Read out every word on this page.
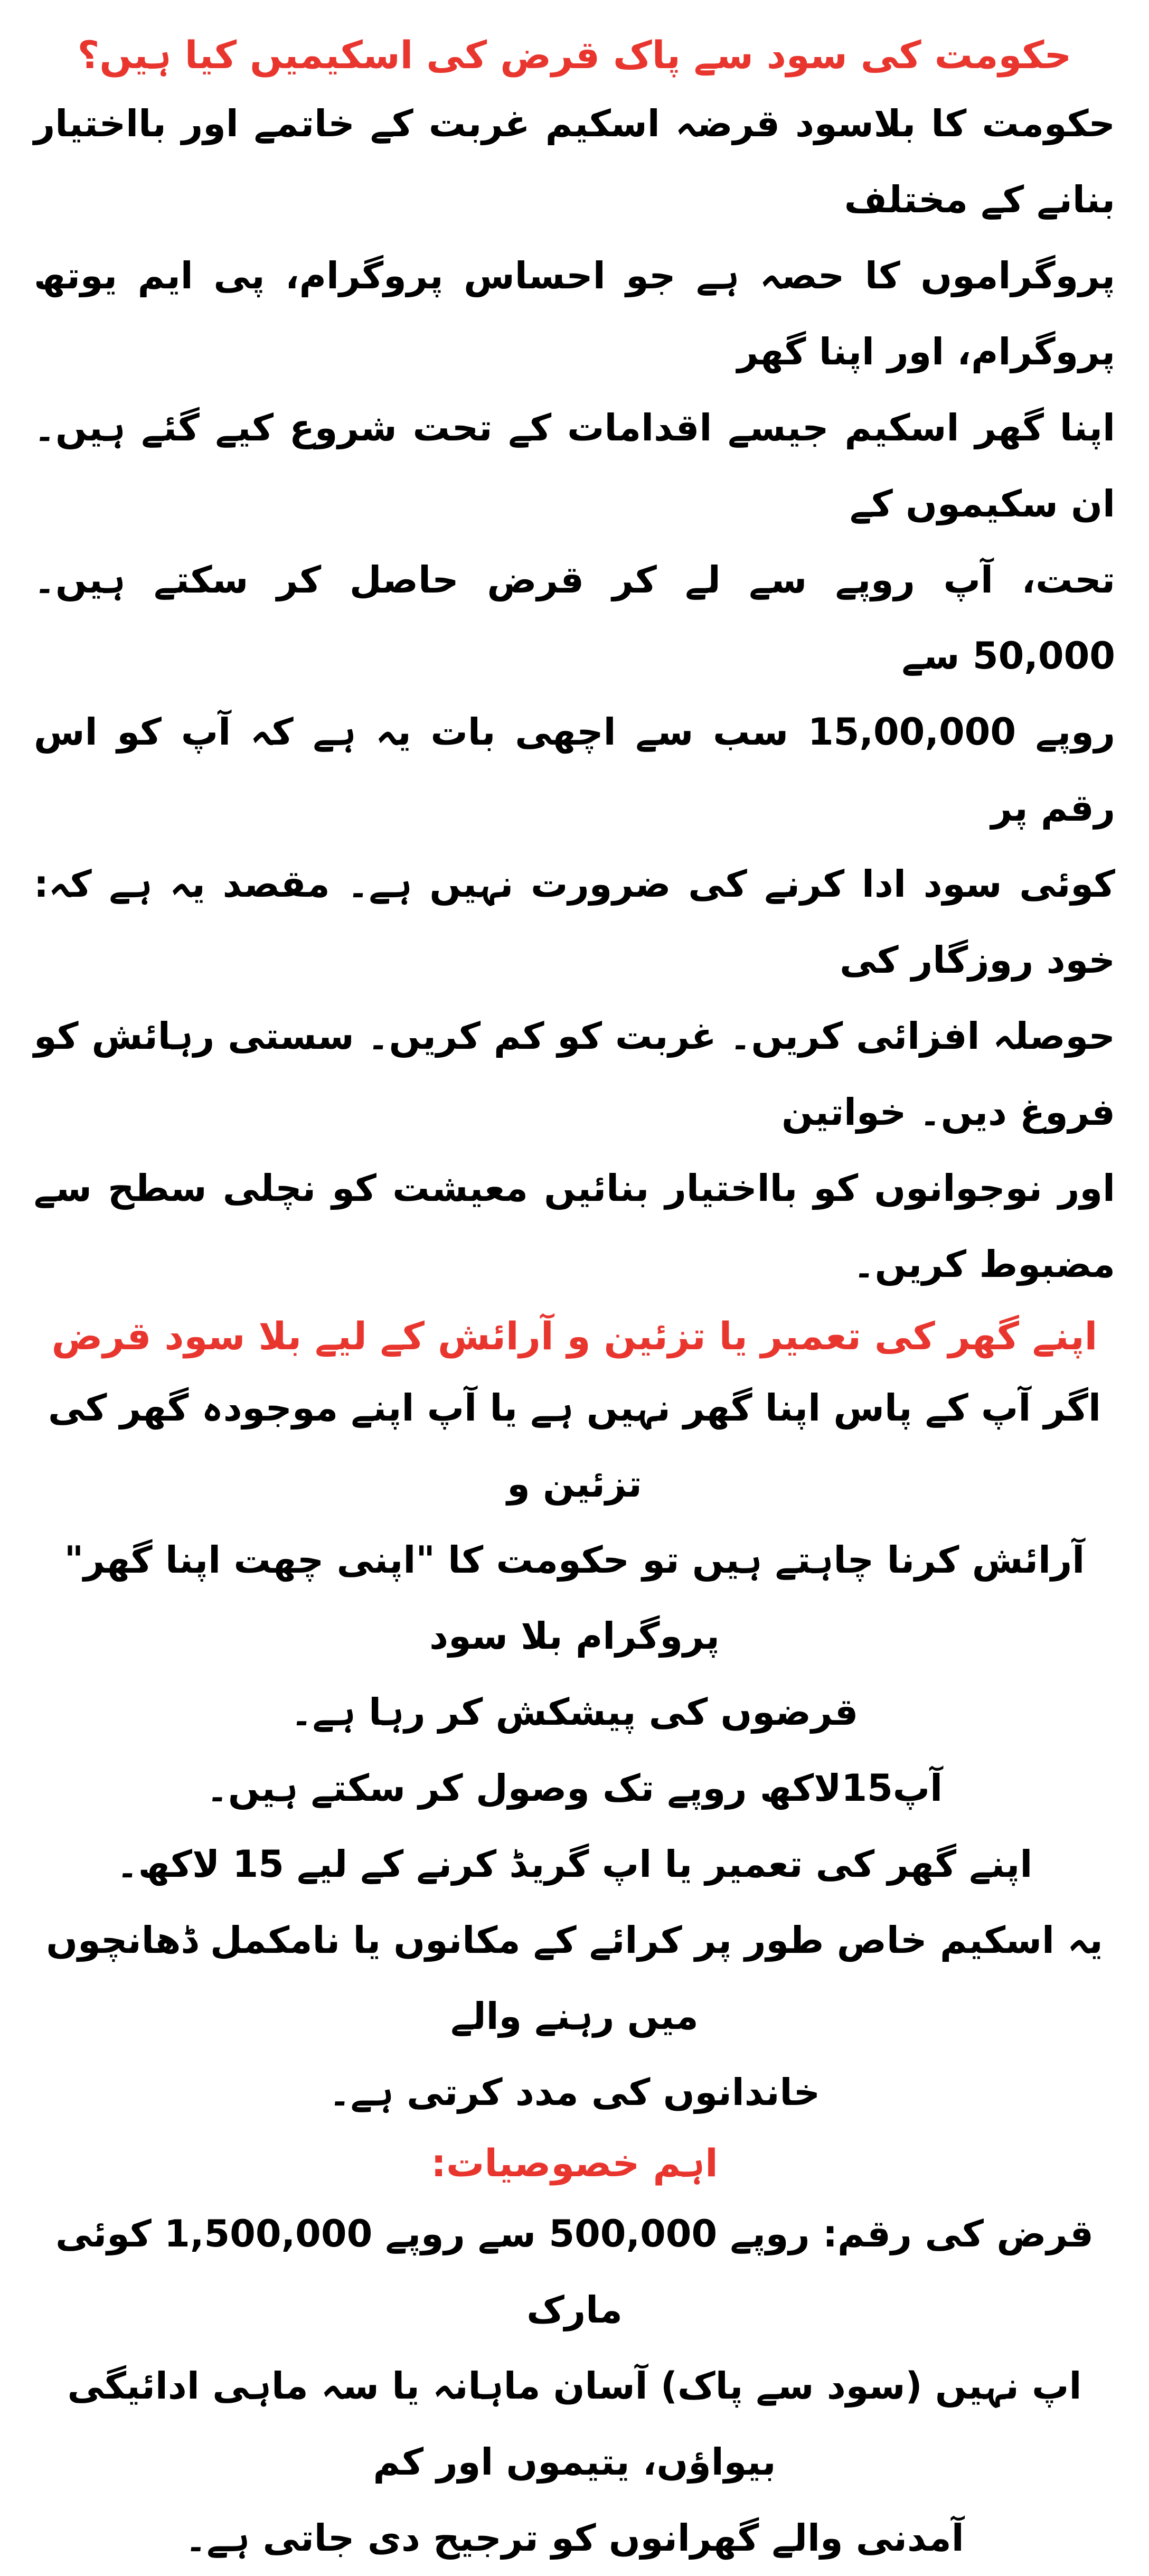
حکومت کی سود سے پاک قرض کی اسکیمیں کیا ہیں؟

حکومت کا بلاسود قرضہ اسکیم غربت کے خاتمے اور بااختیار بنانے کے مختلف
پروگراموں کا حصہ ہے جو احساس پروگرام، پی ایم یوتھ پروگرام، اور اپنا گھر
اپنا گھر اسکیم جیسے اقدامات کے تحت شروع کیے گئے ہیں۔ ان سکیموں کے
تحت، آپ روپے سے لے کر قرض حاصل کر سکتے ہیں۔ 50,000 سے
روپے 15,00,000 سب سے اچھی بات یہ ہے کہ آپ کو اس رقم پر
کوئی سود ادا کرنے کی ضرورت نہیں ہے۔ مقصد یہ ہے کہ: خود روزگار کی
حوصلہ افزائی کریں۔ غربت کو کم کریں۔ سستی رہائش کو فروغ دیں۔ خواتین
اور نوجوانوں کو بااختیار بنائیں معیشت کو نچلی سطح سے مضبوط کریں۔

اپنے گھر کی تعمیر یا تزئین و آرائش کے لیے بلا سود قرض

اگر آپ کے پاس اپنا گھر نہیں ہے یا آپ اپنے موجودہ گھر کی تزئین و
آرائش کرنا چاہتے ہیں تو حکومت کا "اپنی چھت اپنا گھر" پروگرام بلا سود
قرضوں کی پیشکش کر رہا ہے۔
آپ15لاکھ روپے تک وصول کر سکتے ہیں۔
اپنے گھر کی تعمیر یا اپ گریڈ کرنے کے لیے 15 لاکھ۔
یہ اسکیم خاص طور پر کرائے کے مکانوں یا نامکمل ڈھانچوں میں رہنے والے
خاندانوں کی مدد کرتی ہے۔

اہم خصوصیات:

قرض کی رقم: روپے 500,000 سے روپے 1,500,000 کوئی مارک
اپ نہیں (سود سے پاک) آسان ماہانہ یا سہ ماہی ادائیگی بیواؤں، یتیموں اور کم
آمدنی والے گھرانوں کو ترجیح دی جاتی ہے۔
